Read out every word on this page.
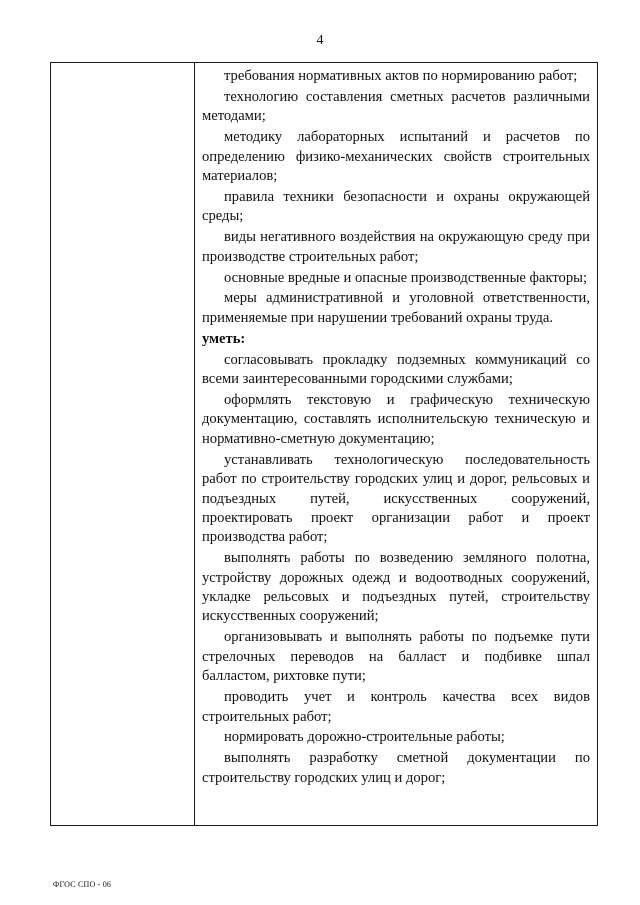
4

требования нормативных актов по нормированию работ;

технологию составления сметных расчетов различными методами;

методику лабораторных испытаний и расчетов по определению физико-механических свойств строительных материалов;

правила техники безопасности и охраны окружающей среды;

виды негативного воздействия на окружающую среду при производстве строительных работ;

основные вредные и опасные производственные факторы;

меры административной и уголовной ответственности, применяемые при нарушении требований охраны труда.

уметь:

согласовывать прокладку подземных коммуникаций со всеми заинтересованными городскими службами;

оформлять текстовую и графическую техническую документацию, составлять исполнительскую техническую и нормативно-сметную документацию;

устанавливать технологическую последовательность работ по строительству городских улиц и дорог, рельсовых и подъездных путей, искусственных сооружений, проектировать проект организации работ и проект производства работ;

выполнять работы по возведению земляного полотна, устройству дорожных одежд и водоотводных сооружений, укладке рельсовых и подъездных путей, строительству искусственных сооружений;

организовывать и выполнять работы по подъемке пути стрелочных переводов на балласт и подбивке шпал балластом, рихтовке пути;

проводить учет и контроль качества всех видов строительных работ;

нормировать дорожно-строительные работы;

выполнять разработку сметной документации по строительству городских улиц и дорог;

ФГОС СПО - 06
